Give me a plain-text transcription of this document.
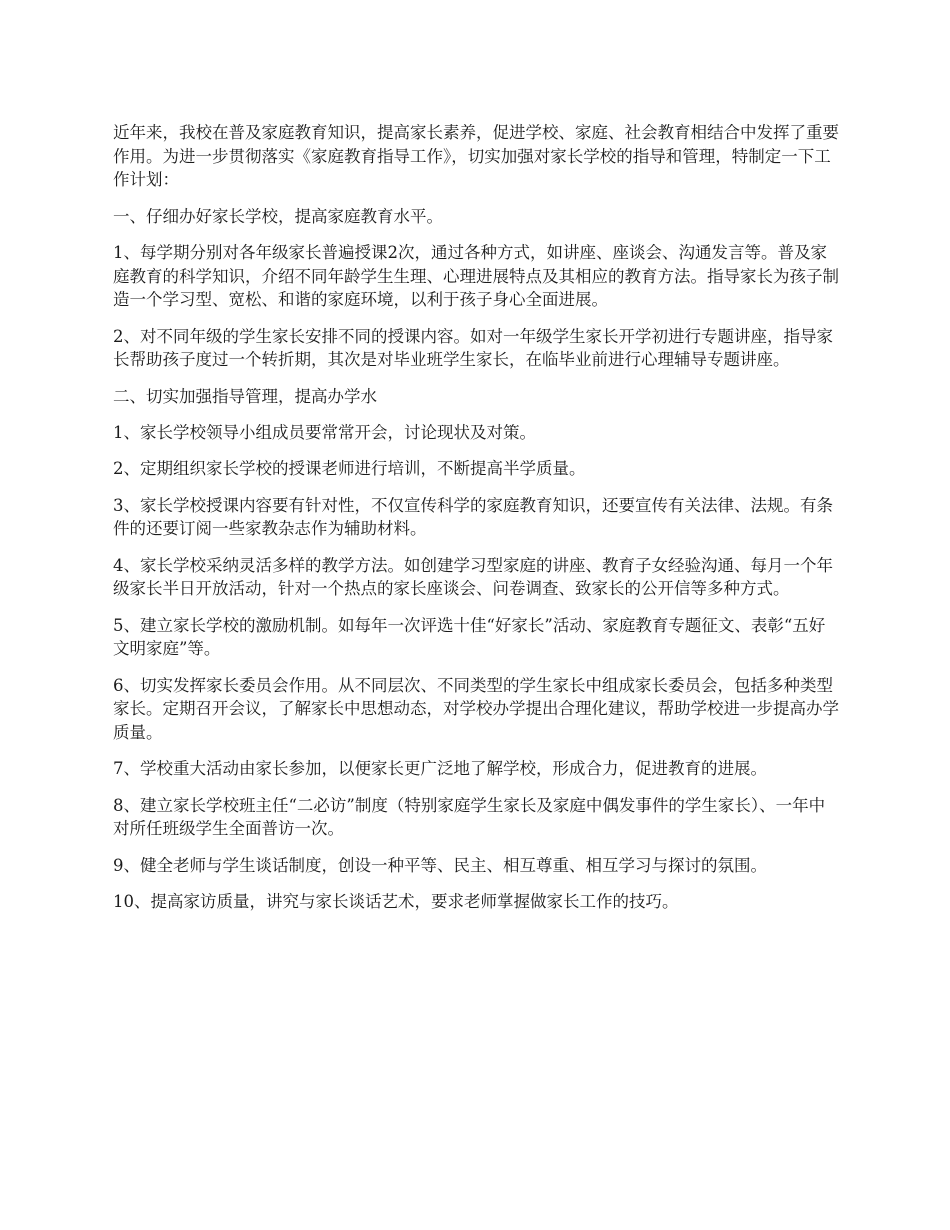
近年来，我校在普及家庭教育知识，提高家长素养，促进学校、家庭、社会教育相结合中发挥了重要作用。为进一步贯彻落实《家庭教育指导工作》，切实加强对家长学校的指导和管理，特制定一下工作计划：

一、仔细办好家长学校，提高家庭教育水平。

1、每学期分别对各年级家长普遍授课2次，通过各种方式，如讲座、座谈会、沟通发言等。普及家庭教育的科学知识，介绍不同年龄学生生理、心理进展特点及其相应的教育方法。指导家长为孩子制造一个学习型、宽松、和谐的家庭环境，以利于孩子身心全面进展。

2、对不同年级的学生家长安排不同的授课内容。如对一年级学生家长开学初进行专题讲座，指导家长帮助孩子度过一个转折期，其次是对毕业班学生家长，在临毕业前进行心理辅导专题讲座。

二、切实加强指导管理，提高办学水

1、家长学校领导小组成员要常常开会，讨论现状及对策。

2、定期组织家长学校的授课老师进行培训，不断提高半学质量。

3、家长学校授课内容要有针对性，不仅宣传科学的家庭教育知识，还要宣传有关法律、法规。有条件的还要订阅一些家教杂志作为辅助材料。

4、家长学校采纳灵活多样的教学方法。如创建学习型家庭的讲座、教育子女经验沟通、每月一个年级家长半日开放活动，针对一个热点的家长座谈会、问卷调查、致家长的公开信等多种方式。

5、建立家长学校的激励机制。如每年一次评选十佳“好家长”活动、家庭教育专题征文、表彰“五好文明家庭”等。

6、切实发挥家长委员会作用。从不同层次、不同类型的学生家长中组成家长委员会，包括多种类型家长。定期召开会议，了解家长中思想动态，对学校办学提出合理化建议，帮助学校进一步提高办学质量。

7、学校重大活动由家长参加，以便家长更广泛地了解学校，形成合力，促进教育的进展。

8、建立家长学校班主任“二必访”制度（特别家庭学生家长及家庭中偶发事件的学生家长）、一年中对所任班级学生全面普访一次。

9、健全老师与学生谈话制度，创设一种平等、民主、相互尊重、相互学习与探讨的氛围。

10、提高家访质量，讲究与家长谈话艺术，要求老师掌握做家长工作的技巧。
